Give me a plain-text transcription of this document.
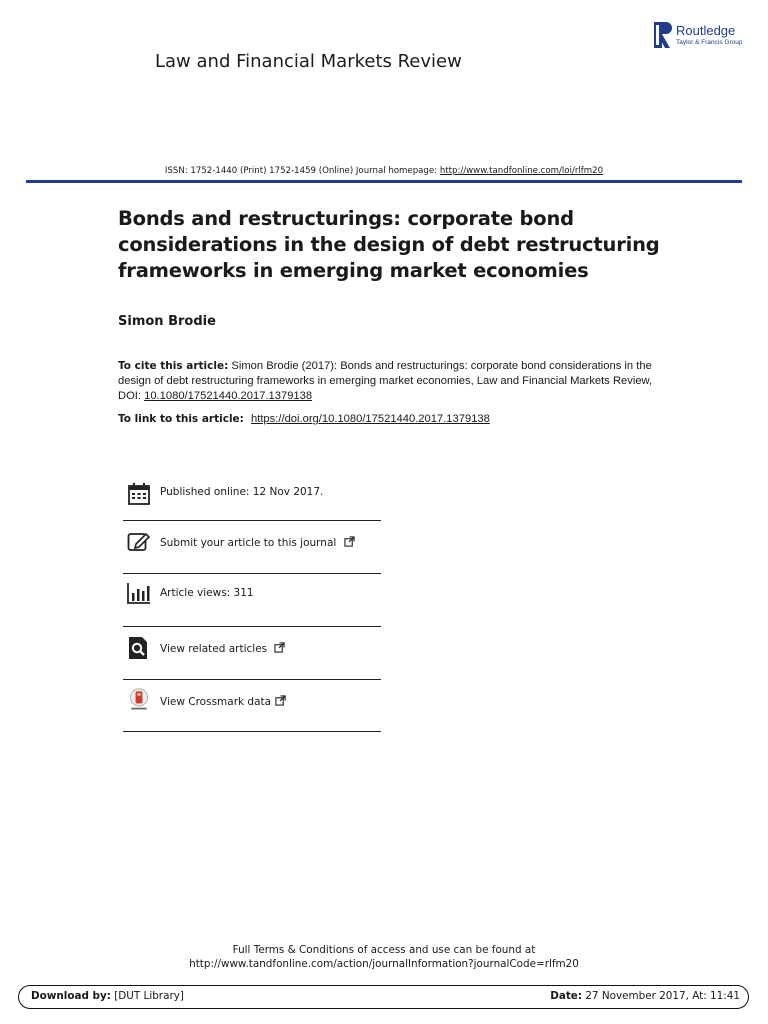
Law and Financial Markets Review
Routledge
Taylor & Francis Group
ISSN: 1752-1440 (Print) 1752-1459 (Online) Journal homepage: http://www.tandfonline.com/loi/rlfm20
Bonds and restructurings: corporate bond considerations in the design of debt restructuring frameworks in emerging market economies
Simon Brodie
To cite this article: Simon Brodie (2017): Bonds and restructurings: corporate bond considerations in the design of debt restructuring frameworks in emerging market economies, Law and Financial Markets Review, DOI: 10.1080/17521440.2017.1379138
To link to this article: https://doi.org/10.1080/17521440.2017.1379138
Published online: 12 Nov 2017.
Submit your article to this journal
Article views: 311
View related articles
View Crossmark data
Full Terms & Conditions of access and use can be found at
http://www.tandfonline.com/action/journalInformation?journalCode=rlfm20
Download by: [DUT Library]	Date: 27 November 2017, At: 11:41
